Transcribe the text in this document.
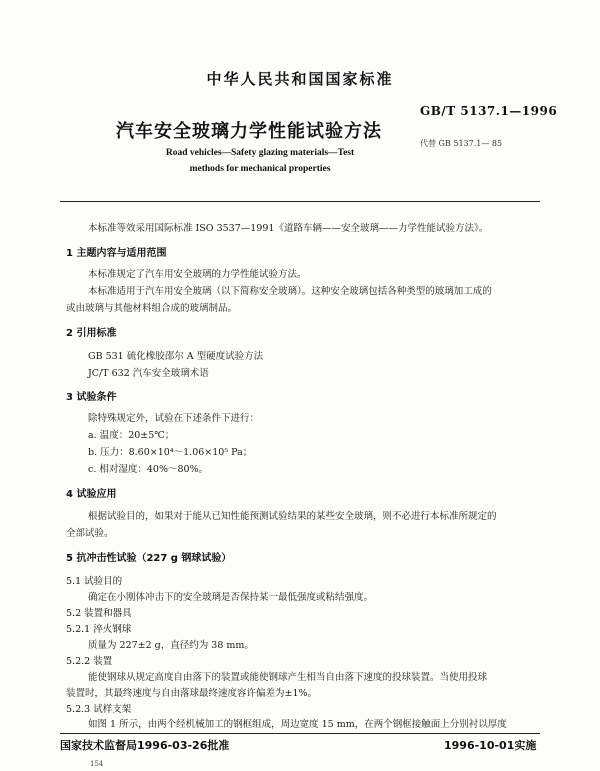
中华人民共和国国家标准
GB/T 5137.1—1996
汽车安全玻璃力学性能试验方法
代替 GB 5137.1— 85
Road vehicles—Safety glazing materials—Test
methods for mechanical properties
本标准等效采用国际标准 ISO 3537—1991《道路车辆——安全玻璃——力学性能试验方法》。
1 主题内容与适用范围
本标准规定了汽车用安全玻璃的力学性能试验方法。
本标准适用于汽车用安全玻璃（以下简称安全玻璃）。这种安全玻璃包括各种类型的玻璃加工成的
或由玻璃与其他材料组合成的玻璃制品。
2 引用标准
GB 531 硫化橡胶邵尔 A 型硬度试验方法
JC/T 632 汽车安全玻璃术语
3 试验条件
除特殊规定外，试验在下述条件下进行：
a. 温度：20±5℃；
b. 压力：8.60×10⁴～1.06×10⁵ Pa；
c. 相对湿度：40%～80%。
4 试验应用
根据试验目的，如果对于能从已知性能预测试验结果的某些安全玻璃，则不必进行本标准所规定的
全部试验。
5 抗冲击性试验（227 g 钢球试验）
5.1 试验目的
确定在小刚体冲击下的安全玻璃是否保持某一最低强度或粘结强度。
5.2 装置和器具
5.2.1 淬火钢球
质量为 227±2 g，直径约为 38 mm。
5.2.2 装置
能使钢球从规定高度自由落下的装置或能使钢球产生相当自由落下速度的投球装置。当使用投球
装置时，其最终速度与自由落球最终速度容许偏差为±1%。
5.2.3 试样支架
如图 1 所示，由两个经机械加工的钢框组成，周边宽度 15 mm，在两个钢框接触面上分别衬以厚度
国家技术监督局1996-03-26批准	1996-10-01实施
154
